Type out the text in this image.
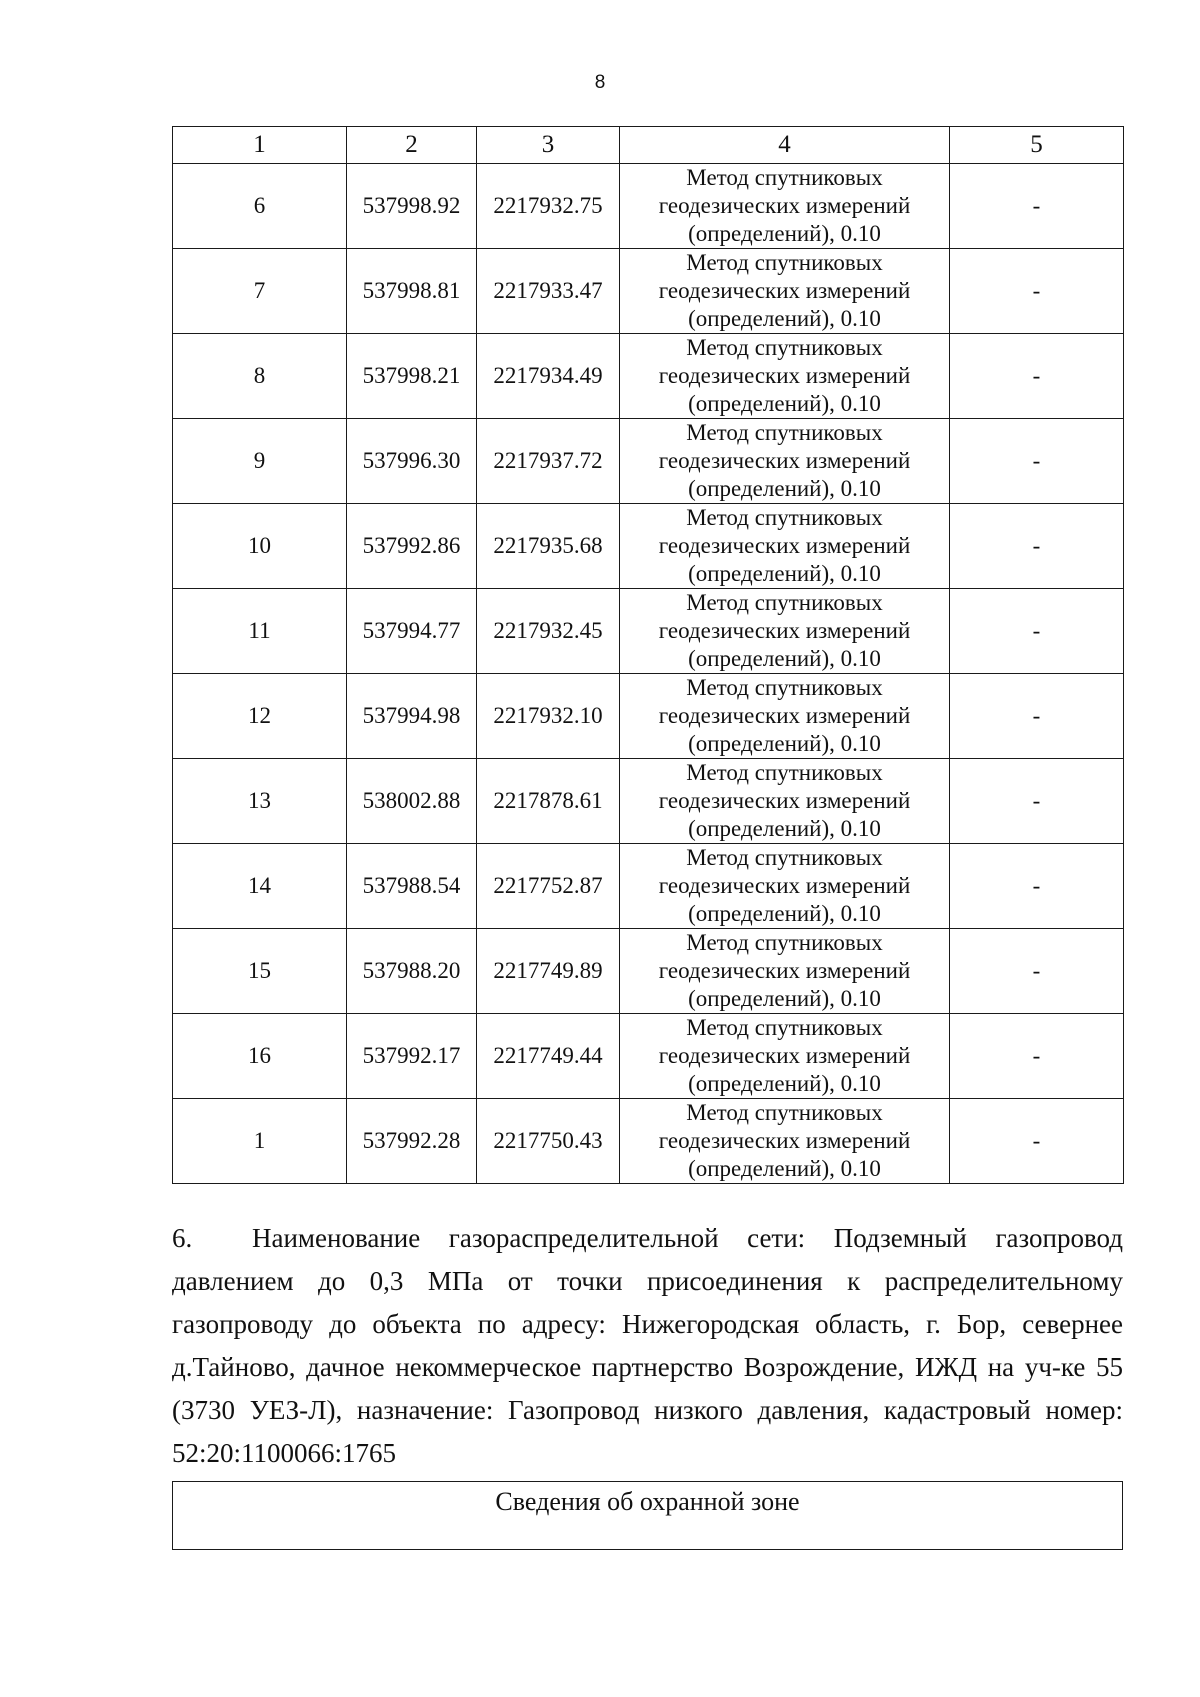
8
1	2	3	4	5
6	537998.92	2217932.75	Метод спутниковых
геодезических измерений
(определений), 0.10	-
7	537998.81	2217933.47	Метод спутниковых
геодезических измерений
(определений), 0.10	-
8	537998.21	2217934.49	Метод спутниковых
геодезических измерений
(определений), 0.10	-
9	537996.30	2217937.72	Метод спутниковых
геодезических измерений
(определений), 0.10	-
10	537992.86	2217935.68	Метод спутниковых
геодезических измерений
(определений), 0.10	-
11	537994.77	2217932.45	Метод спутниковых
геодезических измерений
(определений), 0.10	-
12	537994.98	2217932.10	Метод спутниковых
геодезических измерений
(определений), 0.10	-
13	538002.88	2217878.61	Метод спутниковых
геодезических измерений
(определений), 0.10	-
14	537988.54	2217752.87	Метод спутниковых
геодезических измерений
(определений), 0.10	-
15	537988.20	2217749.89	Метод спутниковых
геодезических измерений
(определений), 0.10	-
16	537992.17	2217749.44	Метод спутниковых
геодезических измерений
(определений), 0.10	-
1	537992.28	2217750.43	Метод спутниковых
геодезических измерений
(определений), 0.10	-

6. Наименование газораспределительной сети: Подземный газопровод давлением до 0,3 МПа от точки присоединения к распределительному газопроводу до объекта по адресу: Нижегородская область, г. Бор, севернее д.Тайново, дачное некоммерческое партнерство Возрождение, ИЖД на уч-ке 55 (3730 УЕЗ-Л), назначение: Газопровод низкого давления, кадастровый номер: 52:20:1100066:1765

Сведения об охранной зоне
